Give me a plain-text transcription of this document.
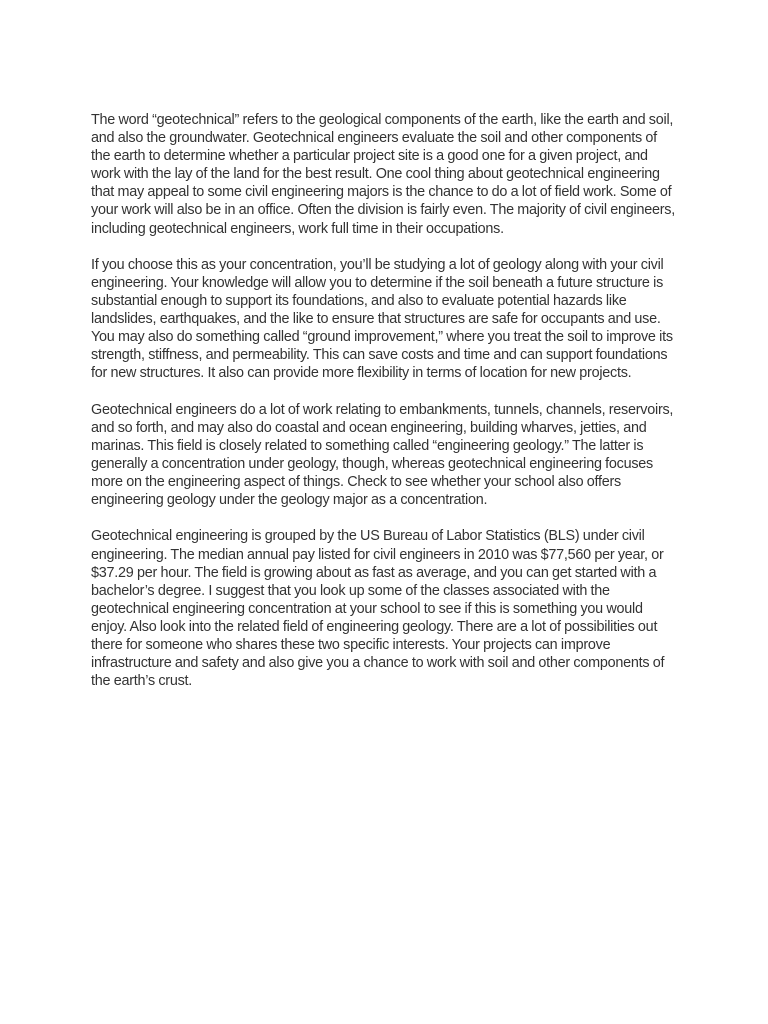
The word “geotechnical” refers to the geological components of the earth, like the earth and soil, and also the groundwater. Geotechnical engineers evaluate the soil and other components of the earth to determine whether a particular project site is a good one for a given project, and work with the lay of the land for the best result. One cool thing about geotechnical engineering that may appeal to some civil engineering majors is the chance to do a lot of field work. Some of your work will also be in an office. Often the division is fairly even. The majority of civil engineers, including geotechnical engineers, work full time in their occupations.

If you choose this as your concentration, you’ll be studying a lot of geology along with your civil engineering. Your knowledge will allow you to determine if the soil beneath a future structure is substantial enough to support its foundations, and also to evaluate potential hazards like landslides, earthquakes, and the like to ensure that structures are safe for occupants and use. You may also do something called “ground improvement,” where you treat the soil to improve its strength, stiffness, and permeability. This can save costs and time and can support foundations for new structures. It also can provide more flexibility in terms of location for new projects.

Geotechnical engineers do a lot of work relating to embankments, tunnels, channels, reservoirs, and so forth, and may also do coastal and ocean engineering, building wharves, jetties, and marinas. This field is closely related to something called “engineering geology.” The latter is generally a concentration under geology, though, whereas geotechnical engineering focuses more on the engineering aspect of things. Check to see whether your school also offers engineering geology under the geology major as a concentration.

Geotechnical engineering is grouped by the US Bureau of Labor Statistics (BLS) under civil engineering. The median annual pay listed for civil engineers in 2010 was $77,560 per year, or $37.29 per hour. The field is growing about as fast as average, and you can get started with a bachelor’s degree. I suggest that you look up some of the classes associated with the geotechnical engineering concentration at your school to see if this is something you would enjoy. Also look into the related field of engineering geology. There are a lot of possibilities out there for someone who shares these two specific interests. Your projects can improve infrastructure and safety and also give you a chance to work with soil and other components of the earth’s crust.
